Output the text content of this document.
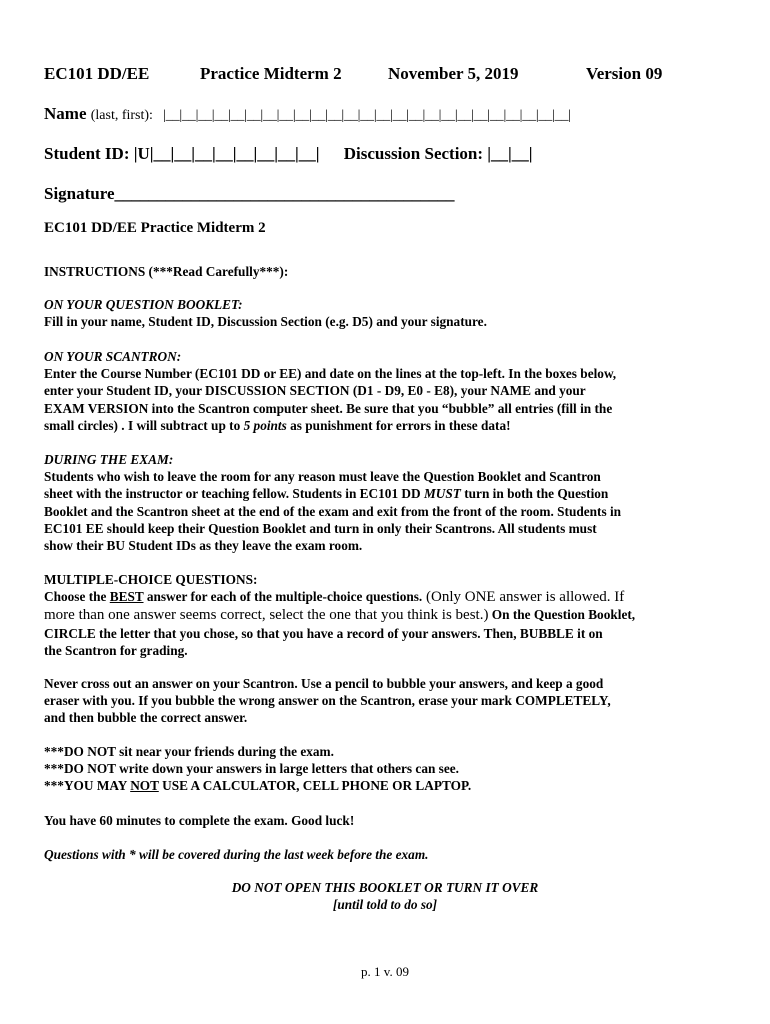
EC101 DD/EE	Practice Midterm 2	November 5, 2019	Version 09
Name (last, first): |__|__|__|__|__|__|__|__|__|__|__|__|__|__|__|__|__|__|__|__|__|__|__|__|__|
Student ID: |U|__|__|__|__|__|__|__|__| Discussion Section: |__|__|
Signature________________________________________
EC101 DD/EE Practice Midterm 2
INSTRUCTIONS (***Read Carefully***):
ON YOUR QUESTION BOOKLET:
Fill in your name, Student ID, Discussion Section (e.g. D5) and your signature.
ON YOUR SCANTRON:
Enter the Course Number (EC101 DD or EE) and date on the lines at the top-left. In the boxes below,
enter your Student ID, your DISCUSSION SECTION (D1 - D9, E0 - E8), your NAME and your
EXAM VERSION into the Scantron computer sheet. Be sure that you “bubble” all entries (fill in the
small circles) . I will subtract up to 5 points as punishment for errors in these data!
DURING THE EXAM:
Students who wish to leave the room for any reason must leave the Question Booklet and Scantron
sheet with the instructor or teaching fellow. Students in EC101 DD MUST turn in both the Question
Booklet and the Scantron sheet at the end of the exam and exit from the front of the room. Students in
EC101 EE should keep their Question Booklet and turn in only their Scantrons. All students must
show their BU Student IDs as they leave the exam room.
MULTIPLE-CHOICE QUESTIONS:
Choose the BEST answer for each of the multiple-choice questions. (Only ONE answer is allowed. If
more than one answer seems correct, select the one that you think is best.) On the Question Booklet,
CIRCLE the letter that you chose, so that you have a record of your answers. Then, BUBBLE it on
the Scantron for grading.
Never cross out an answer on your Scantron. Use a pencil to bubble your answers, and keep a good
eraser with you. If you bubble the wrong answer on the Scantron, erase your mark COMPLETELY,
and then bubble the correct answer.
***DO NOT sit near your friends during the exam.
***DO NOT write down your answers in large letters that others can see.
***YOU MAY NOT USE A CALCULATOR, CELL PHONE OR LAPTOP.
You have 60 minutes to complete the exam. Good luck!
Questions with * will be covered during the last week before the exam.
DO NOT OPEN THIS BOOKLET OR TURN IT OVER
[until told to do so]
p. 1 v. 09
